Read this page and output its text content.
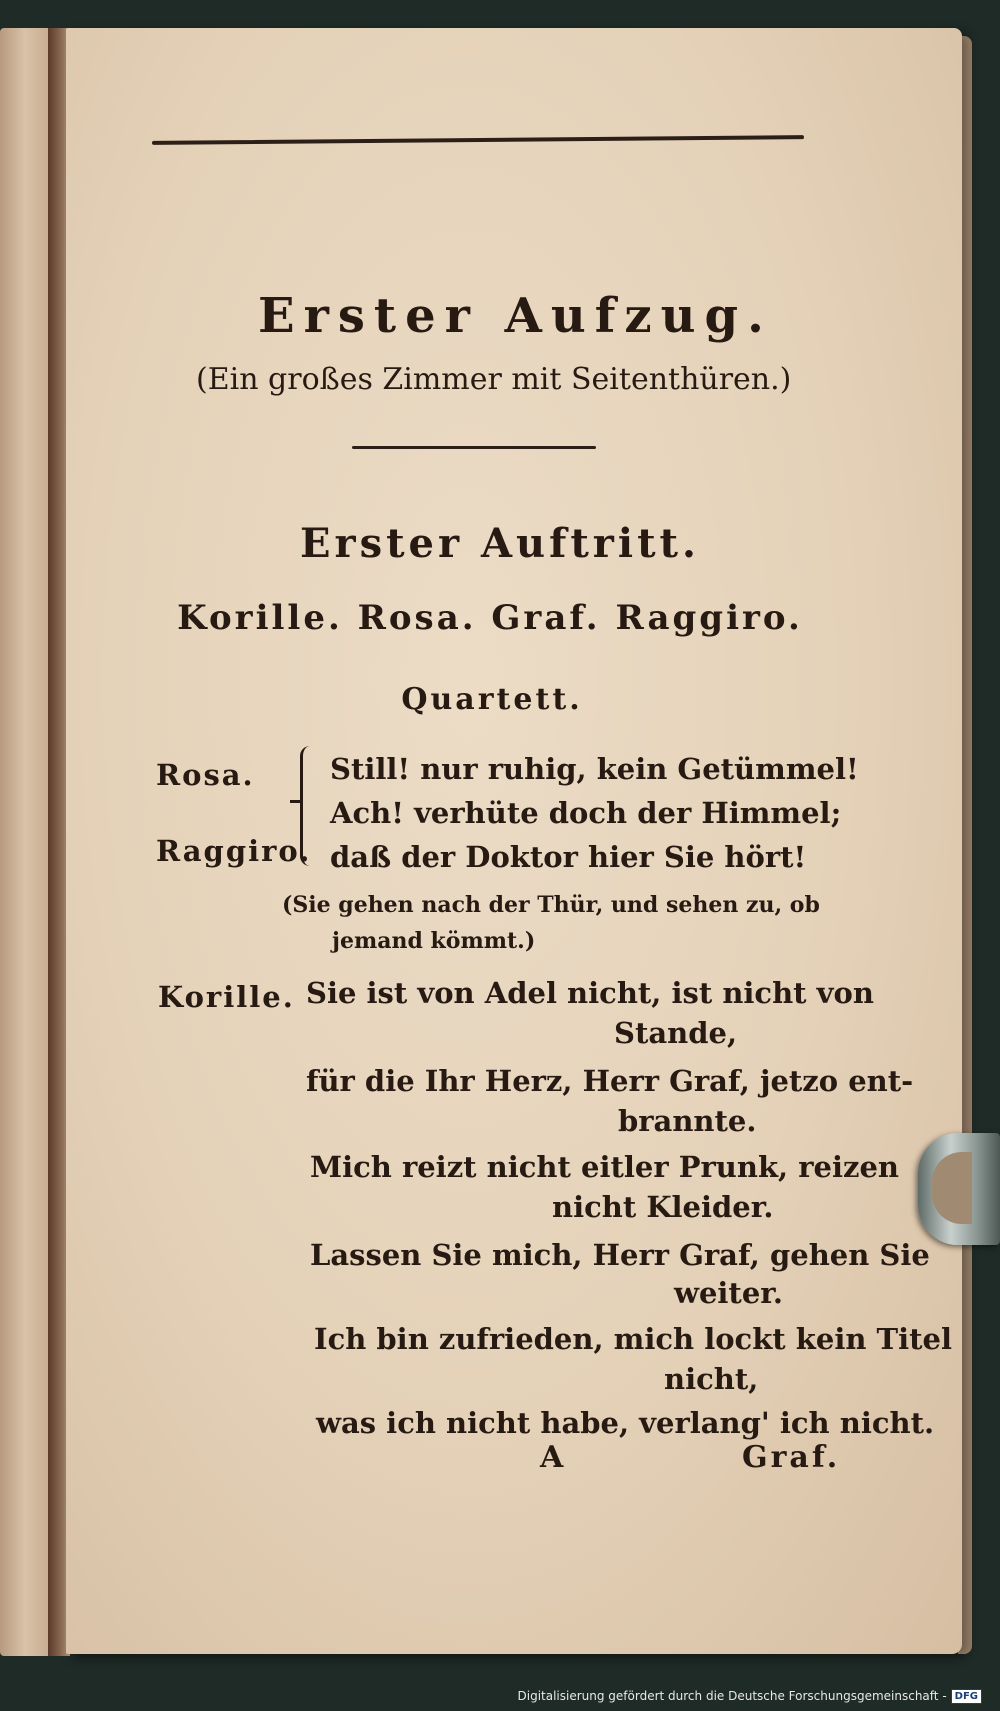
Erster Aufzug.
(Ein großes Zimmer mit Seitenthüren.)
Erster Auftritt.
Korille. Rosa. Graf. Raggiro.
Quartett.
Rosa.
Raggiro.
Still! nur ruhig, kein Getümmel!
Ach! verhüte doch der Himmel;
daß der Doktor hier Sie hört!
(Sie gehen nach der Thür, und sehen zu, ob
jemand kömmt.)
Korille. Sie ist von Adel nicht, ist nicht von
Stande,
für die Ihr Herz, Herr Graf, jetzo ent-
brannte.
Mich reizt nicht eitler Prunk, reizen
nicht Kleider.
Lassen Sie mich, Herr Graf, gehen Sie
weiter.
Ich bin zufrieden, mich lockt kein Titel
nicht,
was ich nicht habe, verlang' ich nicht.
A	Graf.
Digitalisierung gefördert durch die Deutsche Forschungsgemeinschaft - DFG
